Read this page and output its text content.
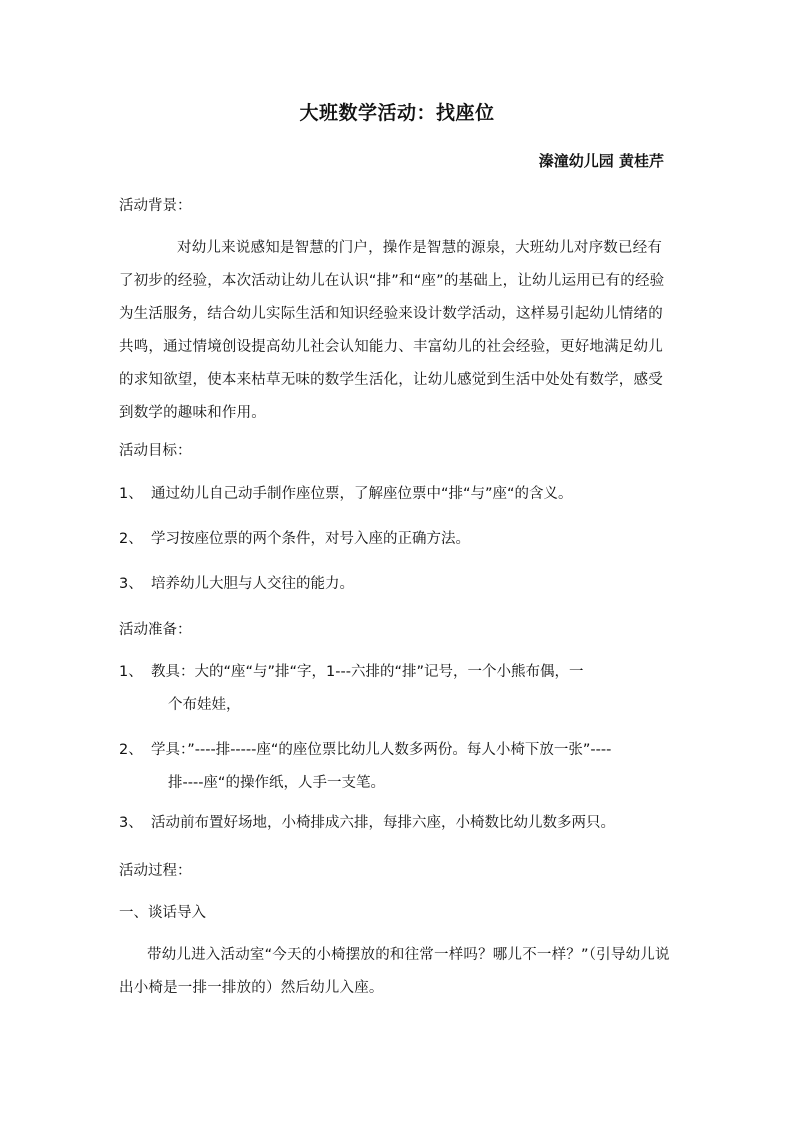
大班数学活动：找座位
溱潼幼儿园 黄桂芹
活动背景：
对幼儿来说感知是智慧的门户，操作是智慧的源泉，大班幼儿对序数已经有了初步的经验，本次活动让幼儿在认识“排”和“座”的基础上，让幼儿运用已有的经验为生活服务，结合幼儿实际生活和知识经验来设计数学活动，这样易引起幼儿情绪的共鸣，通过情境创设提高幼儿社会认知能力、丰富幼儿的社会经验，更好地满足幼儿的求知欲望，使本来枯草无味的数学生活化，让幼儿感觉到生活中处处有数学，感受到数学的趣味和作用。
活动目标：
1、 通过幼儿自己动手制作座位票，了解座位票中“排“与”座“的含义。
2、 学习按座位票的两个条件，对号入座的正确方法。
3、 培养幼儿大胆与人交往的能力。
活动准备：
1、 教具：大的“座“与”排“字，1---六排的“排”记号，一个小熊布偶，一
个布娃娃，
2、 学具：”----排-----座“的座位票比幼儿人数多两份。每人小椅下放一张”----
排----座“的操作纸，人手一支笔。
3、 活动前布置好场地，小椅排成六排，每排六座，小椅数比幼儿数多两只。
活动过程：
一、谈话导入
带幼儿进入活动室“今天的小椅摆放的和往常一样吗？哪儿不一样？”（引导幼儿说出小椅是一排一排放的）然后幼儿入座。
